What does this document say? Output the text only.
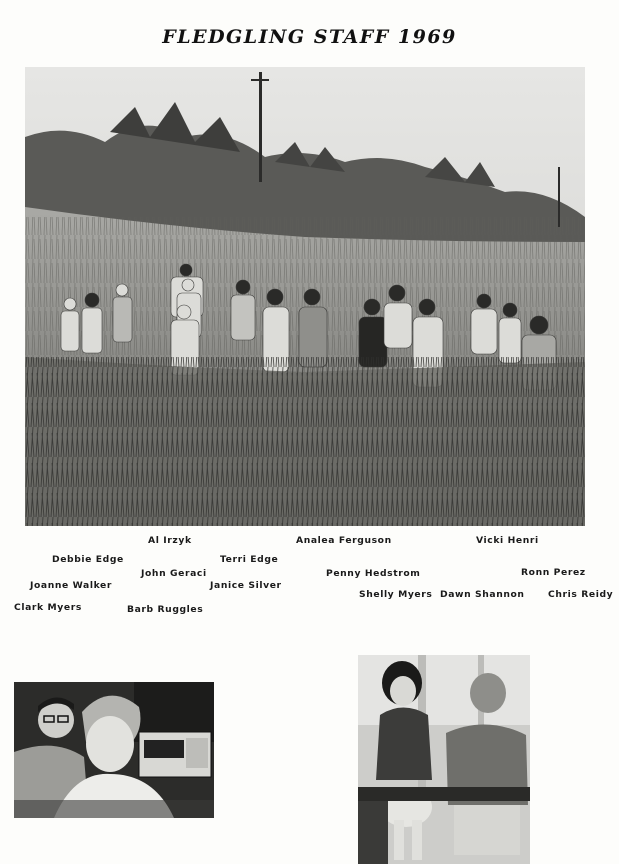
FLEDGLING STAFF 1969
Al Irzyk	Analea Ferguson	Vicki Henri
Debbie Edge	Terri Edge
John Geraci	Penny Hedstrom	Ronn Perez
Joanne Walker	Janice Silver
Shelly Myers Dawn Shannon	Chris Reidy
Clark Myers	Barb Ruggles
